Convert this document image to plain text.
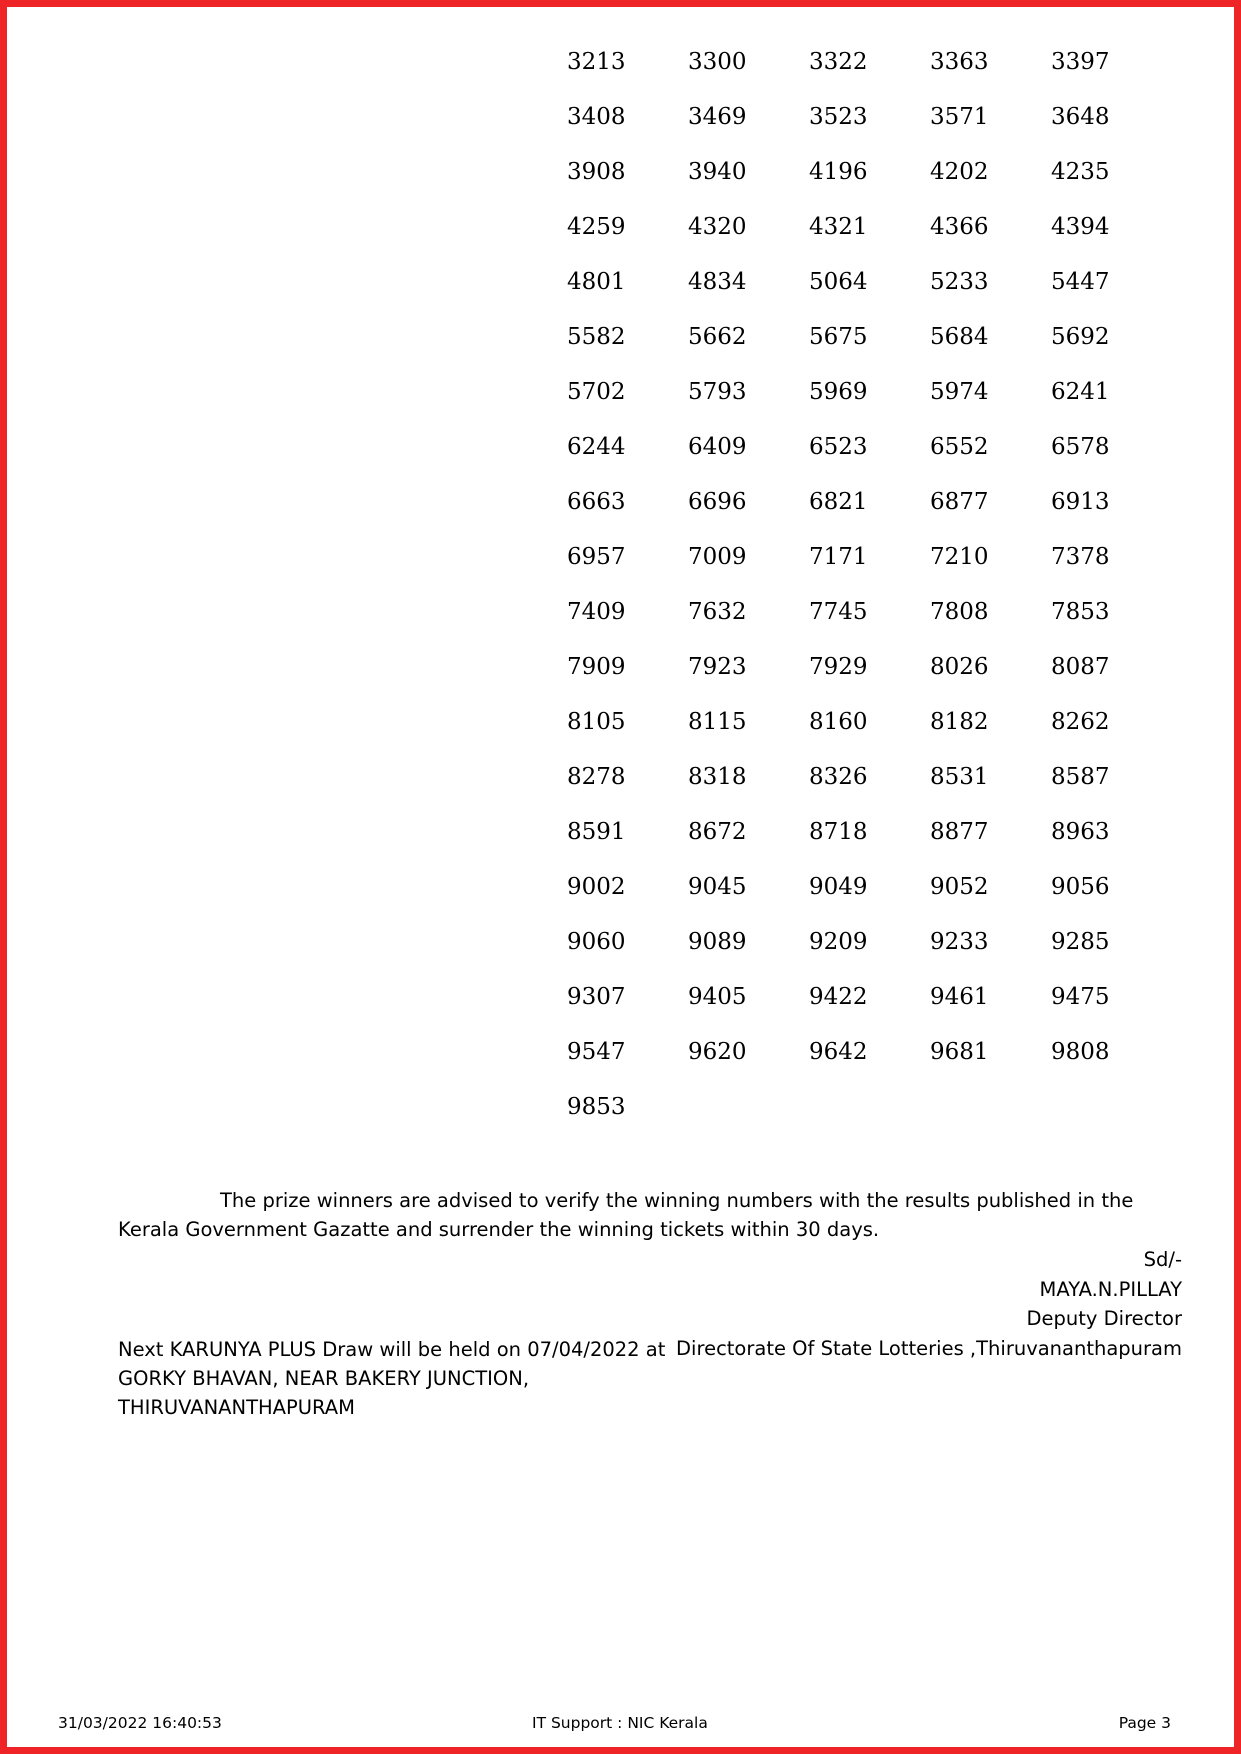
3213	3300	3322	3363	3397
3408	3469	3523	3571	3648
3908	3940	4196	4202	4235
4259	4320	4321	4366	4394
4801	4834	5064	5233	5447
5582	5662	5675	5684	5692
5702	5793	5969	5974	6241
6244	6409	6523	6552	6578
6663	6696	6821	6877	6913
6957	7009	7171	7210	7378
7409	7632	7745	7808	7853
7909	7923	7929	8026	8087
8105	8115	8160	8182	8262
8278	8318	8326	8531	8587
8591	8672	8718	8877	8963
9002	9045	9049	9052	9056
9060	9089	9209	9233	9285
9307	9405	9422	9461	9475
9547	9620	9642	9681	9808
9853
The prize winners are advised to verify the winning numbers with the results published in the Kerala Government Gazatte and surrender the winning tickets within 30 days.
Sd/-
MAYA.N.PILLAY
Deputy Director
Directorate Of State Lotteries ,Thiruvananthapuram
Next KARUNYA PLUS Draw will be held on 07/04/2022 at
GORKY BHAVAN, NEAR BAKERY JUNCTION,
THIRUVANANTHAPURAM
31/03/2022 16:40:53	IT Support : NIC Kerala	Page 3
